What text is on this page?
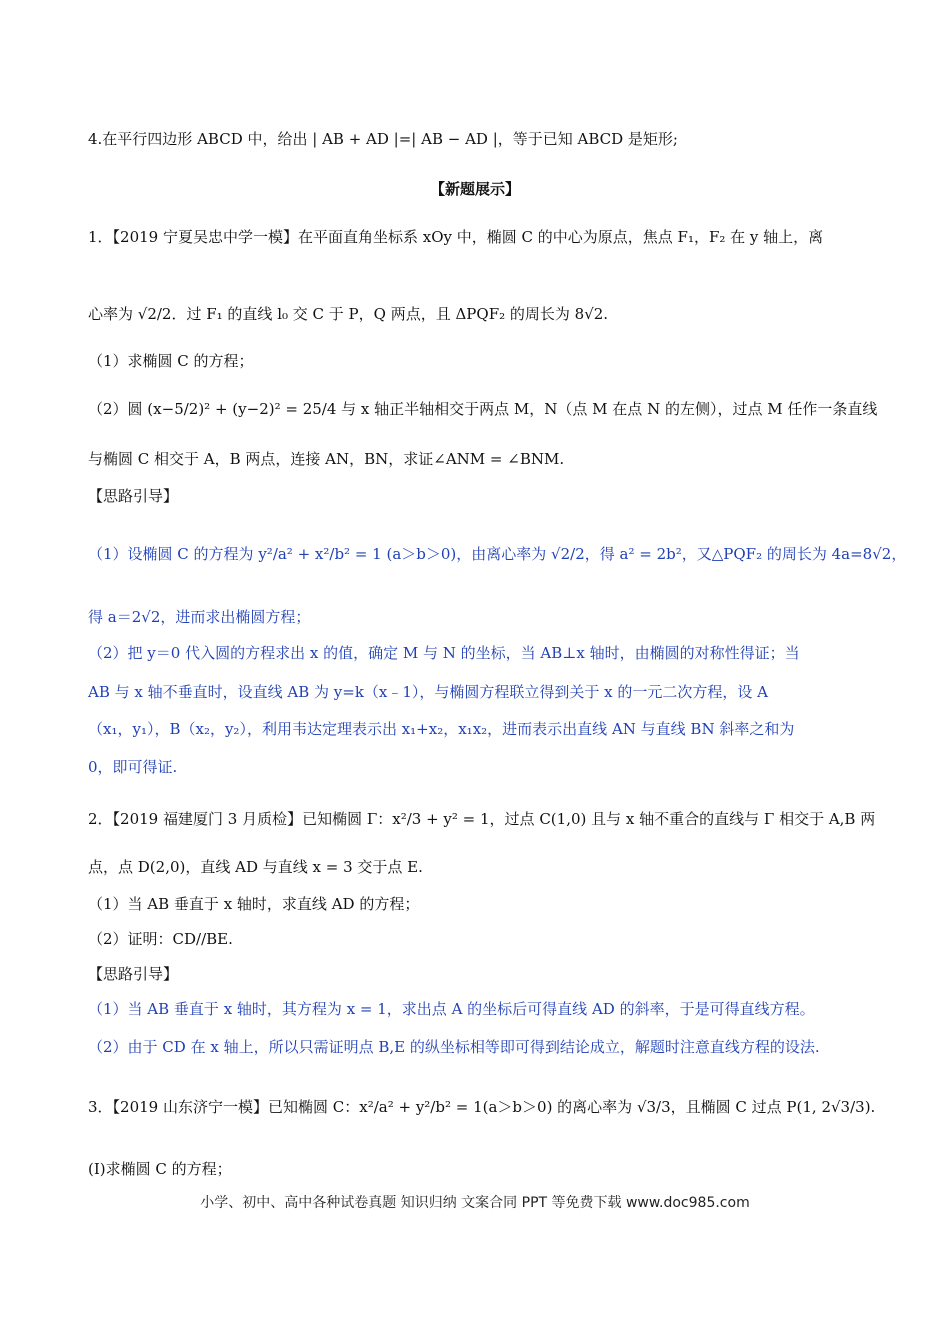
4.在平行四边形 ABCD 中，给出 | AB + AD |=| AB − AD |，等于已知 ABCD 是矩形;
【新题展示】
1．【2019 宁夏吴忠中学一模】在平面直角坐标系 xOy 中，椭圆 C 的中心为原点，焦点 F₁，F₂ 在 y 轴上，离
心率为 √2/2．过 F₁ 的直线 l₀ 交 C 于 P，Q 两点，且 ΔPQF₂ 的周长为 8√2.
（1）求椭圆 C 的方程；
（2）圆 (x−5/2)² + (y−2)² = 25/4 与 x 轴正半轴相交于两点 M，N（点 M 在点 N 的左侧），过点 M 任作一条直线
与椭圆 C 相交于 A，B 两点，连接 AN，BN，求证∠ANM = ∠BNM.
【思路引导】
（1）设椭圆 C 的方程为 y²/a² + x²/b² = 1 (a＞b＞0)，由离心率为 √2/2，得 a² = 2b²，又△PQF₂ 的周长为 4a=8√2，
得 a＝2√2，进而求出椭圆方程；
（2）把 y＝0 代入圆的方程求出 x 的值，确定 M 与 N 的坐标，当 AB⊥x 轴时，由椭圆的对称性得证；当
AB 与 x 轴不垂直时，设直线 AB 为 y=k（x﹣1），与椭圆方程联立得到关于 x 的一元二次方程，设 A
（x₁，y₁），B（x₂，y₂），利用韦达定理表示出 x₁+x₂，x₁x₂，进而表示出直线 AN 与直线 BN 斜率之和为
0，即可得证.
2．【2019 福建厦门 3 月质检】已知椭圆 Γ：x²/3 + y² = 1，过点 C(1,0) 且与 x 轴不重合的直线与 Γ 相交于 A,B 两
点，点 D(2,0)，直线 AD 与直线 x = 3 交于点 E.
（1）当 AB 垂直于 x 轴时，求直线 AD 的方程；
（2）证明：CD//BE.
【思路引导】
（1）当 AB 垂直于 x 轴时，其方程为 x = 1，求出点 A 的坐标后可得直线 AD 的斜率，于是可得直线方程。
（2）由于 CD 在 x 轴上，所以只需证明点 B,E 的纵坐标相等即可得到结论成立，解题时注意直线方程的设法.
3．【2019 山东济宁一模】已知椭圆 C：x²/a² + y²/b² = 1(a＞b＞0) 的离心率为 √3/3，且椭圆 C 过点 P(1, 2√3/3).
(I)求椭圆 C 的方程；
小学、初中、高中各种试卷真题 知识归纳 文案合同 PPT 等免费下载 www.doc985.com
